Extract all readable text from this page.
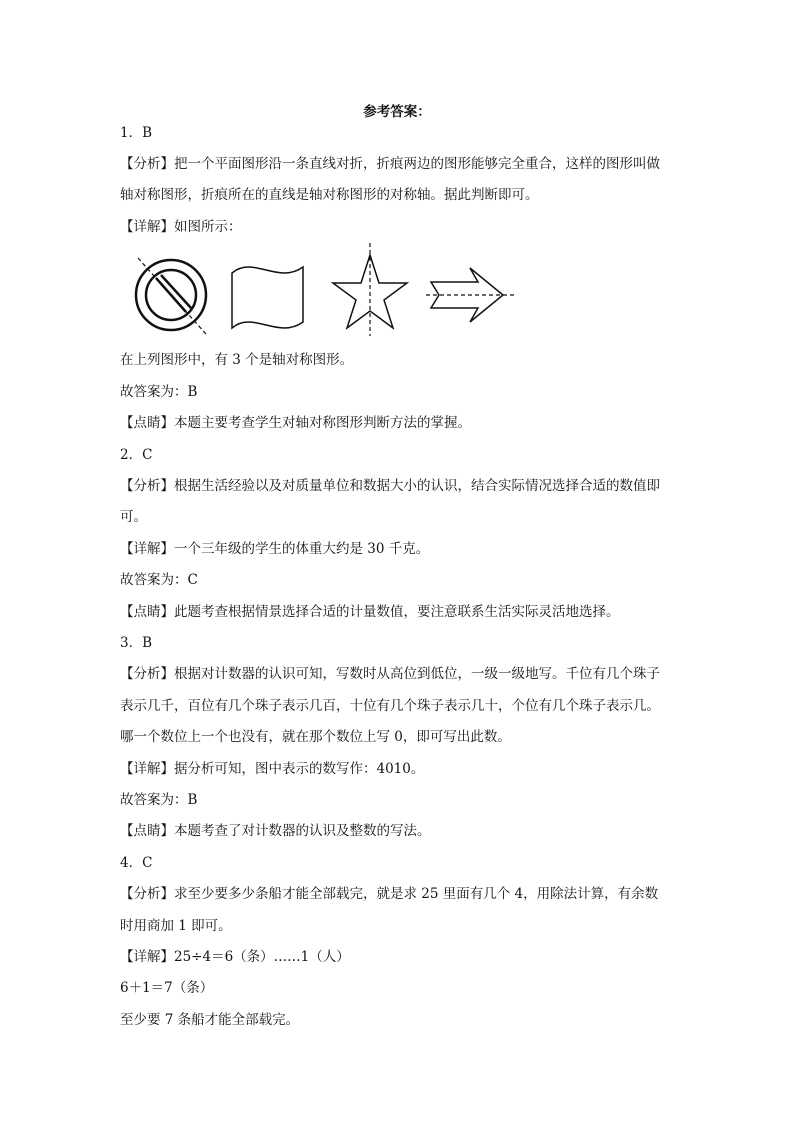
参考答案：
1．B
【分析】把一个平面图形沿一条直线对折，折痕两边的图形能够完全重合，这样的图形叫做
轴对称图形，折痕所在的直线是轴对称图形的对称轴。据此判断即可。
【详解】如图所示：
在上列图形中，有 3 个是轴对称图形。
故答案为：B
【点睛】本题主要考查学生对轴对称图形判断方法的掌握。
2．C
【分析】根据生活经验以及对质量单位和数据大小的认识，结合实际情况选择合适的数值即
可。
【详解】一个三年级的学生的体重大约是 30 千克。
故答案为：C
【点睛】此题考查根据情景选择合适的计量数值，要注意联系生活实际灵活地选择。
3．B
【分析】根据对计数器的认识可知，写数时从高位到低位，一级一级地写。千位有几个珠子
表示几千，百位有几个珠子表示几百，十位有几个珠子表示几十，个位有几个珠子表示几。
哪一个数位上一个也没有，就在那个数位上写 0，即可写出此数。
【详解】据分析可知，图中表示的数写作：4010。
故答案为：B
【点睛】本题考查了对计数器的认识及整数的写法。
4．C
【分析】求至少要多少条船才能全部载完，就是求 25 里面有几个 4，用除法计算，有余数
时用商加 1 即可。
【详解】25÷4＝6（条）……1（人）
6＋1＝7（条）
至少要 7 条船才能全部载完。
